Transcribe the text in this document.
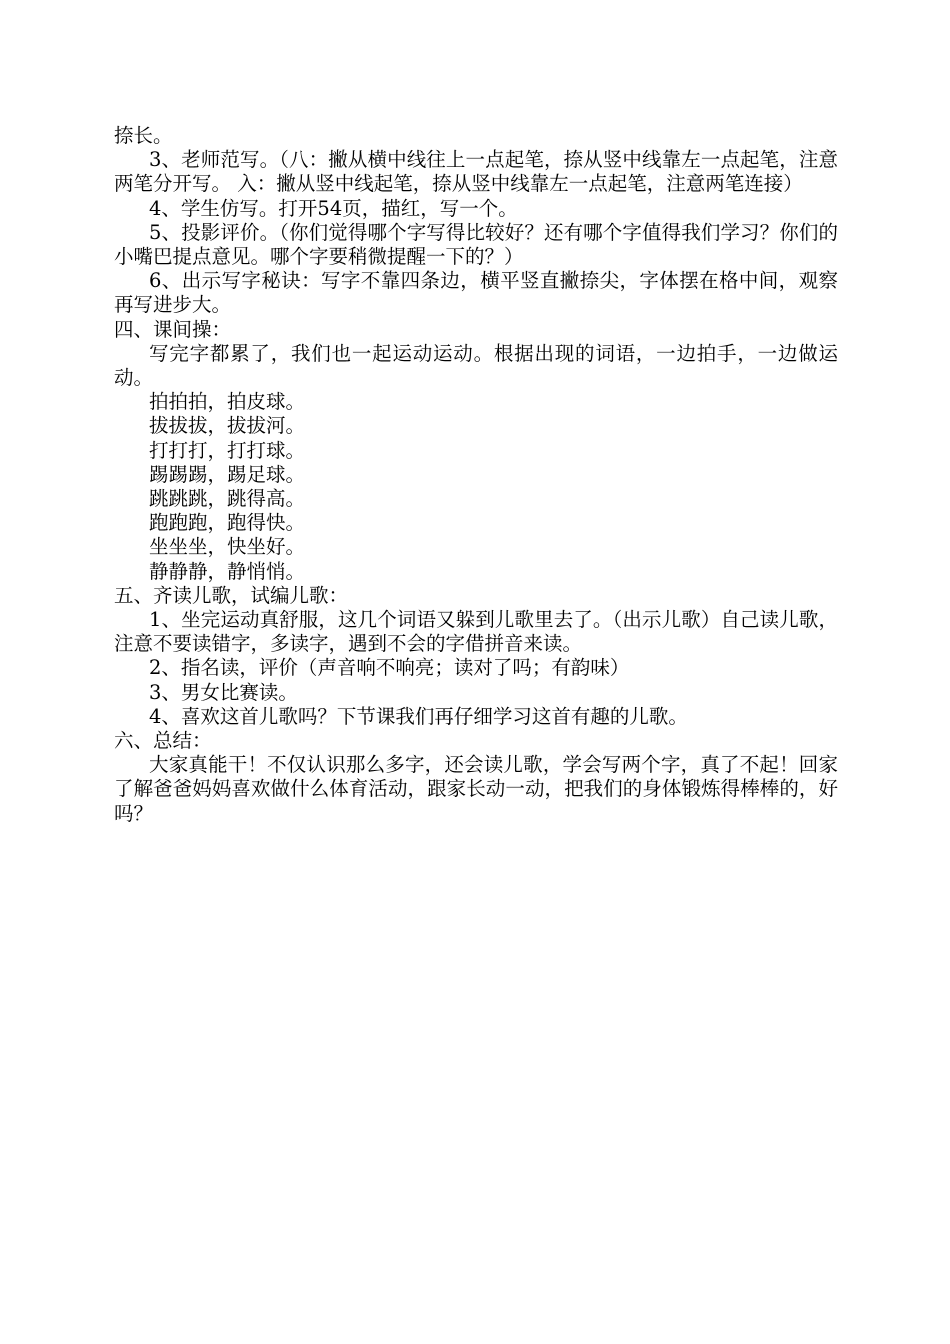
捺长。

3、老师范写。（八：撇从横中线往上一点起笔，捺从竖中线靠左一点起笔，注意两笔分开写。 入：撇从竖中线起笔，捺从竖中线靠左一点起笔，注意两笔连接）

4、学生仿写。打开54页，描红，写一个。

5、投影评价。（你们觉得哪个字写得比较好？还有哪个字值得我们学习？你们的小嘴巴提点意见。哪个字要稍微提醒一下的？）

6、出示写字秘诀：写字不靠四条边，横平竖直撇捺尖，字体摆在格中间，观察再写进步大。

四、课间操：

写完字都累了，我们也一起运动运动。根据出现的词语，一边拍手，一边做运动。

拍拍拍，拍皮球。

拔拔拔，拔拔河。

打打打，打打球。

踢踢踢，踢足球。

跳跳跳，跳得高。

跑跑跑，跑得快。

坐坐坐，快坐好。

静静静，静悄悄。

五、齐读儿歌，试编儿歌：

1、坐完运动真舒服，这几个词语又躲到儿歌里去了。（出示儿歌）自己读儿歌，注意不要读错字，多读字，遇到不会的字借拼音来读。

2、指名读，评价（声音响不响亮；读对了吗；有韵味）

3、男女比赛读。

4、喜欢这首儿歌吗？下节课我们再仔细学习这首有趣的儿歌。

六、总结：

大家真能干！不仅认识那么多字，还会读儿歌，学会写两个字，真了不起！回家了解爸爸妈妈喜欢做什么体育活动，跟家长动一动，把我们的身体锻炼得棒棒的，好吗？
